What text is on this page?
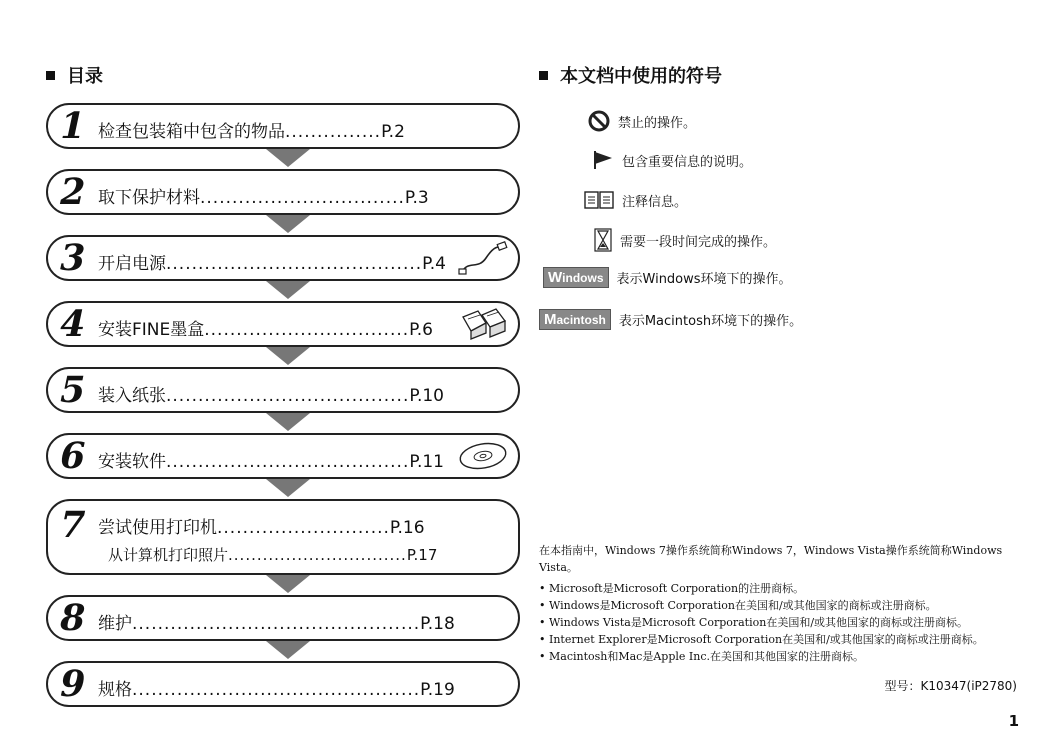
目录
1 检查包装箱中包含的物品 ............... P.2
2 取下保护材料 ................................ P.3
3 开启电源 ........................................ P.4
4 安装FINE墨盒 ................................ P.6
5 装入纸张 ...................................... P.10
6 安装软件 ...................................... P.11
7 尝试使用打印机 ........................... P.16
从计算机打印照片 ............................... P.17
8 维护 ............................................. P.18
9 规格 ............................................. P.19
本文档中使用的符号
禁止的操作。
包含重要信息的说明。
注释信息。
需要一段时间完成的操作。
Windows	表示Windows环境下的操作。
Macintosh	表示Macintosh环境下的操作。
在本指南中，Windows 7操作系统简称Windows 7，Windows Vista操作系统简称Windows Vista。
• Microsoft是Microsoft Corporation的注册商标。
• Windows是Microsoft Corporation在美国和/或其他国家的商标或注册商标。
• Windows Vista是Microsoft Corporation在美国和/或其他国家的商标或注册商标。
• Internet Explorer是Microsoft Corporation在美国和/或其他国家的商标或注册商标。
• Macintosh和Mac是Apple Inc.在美国和其他国家的注册商标。
型号：K10347(iP2780)
1
